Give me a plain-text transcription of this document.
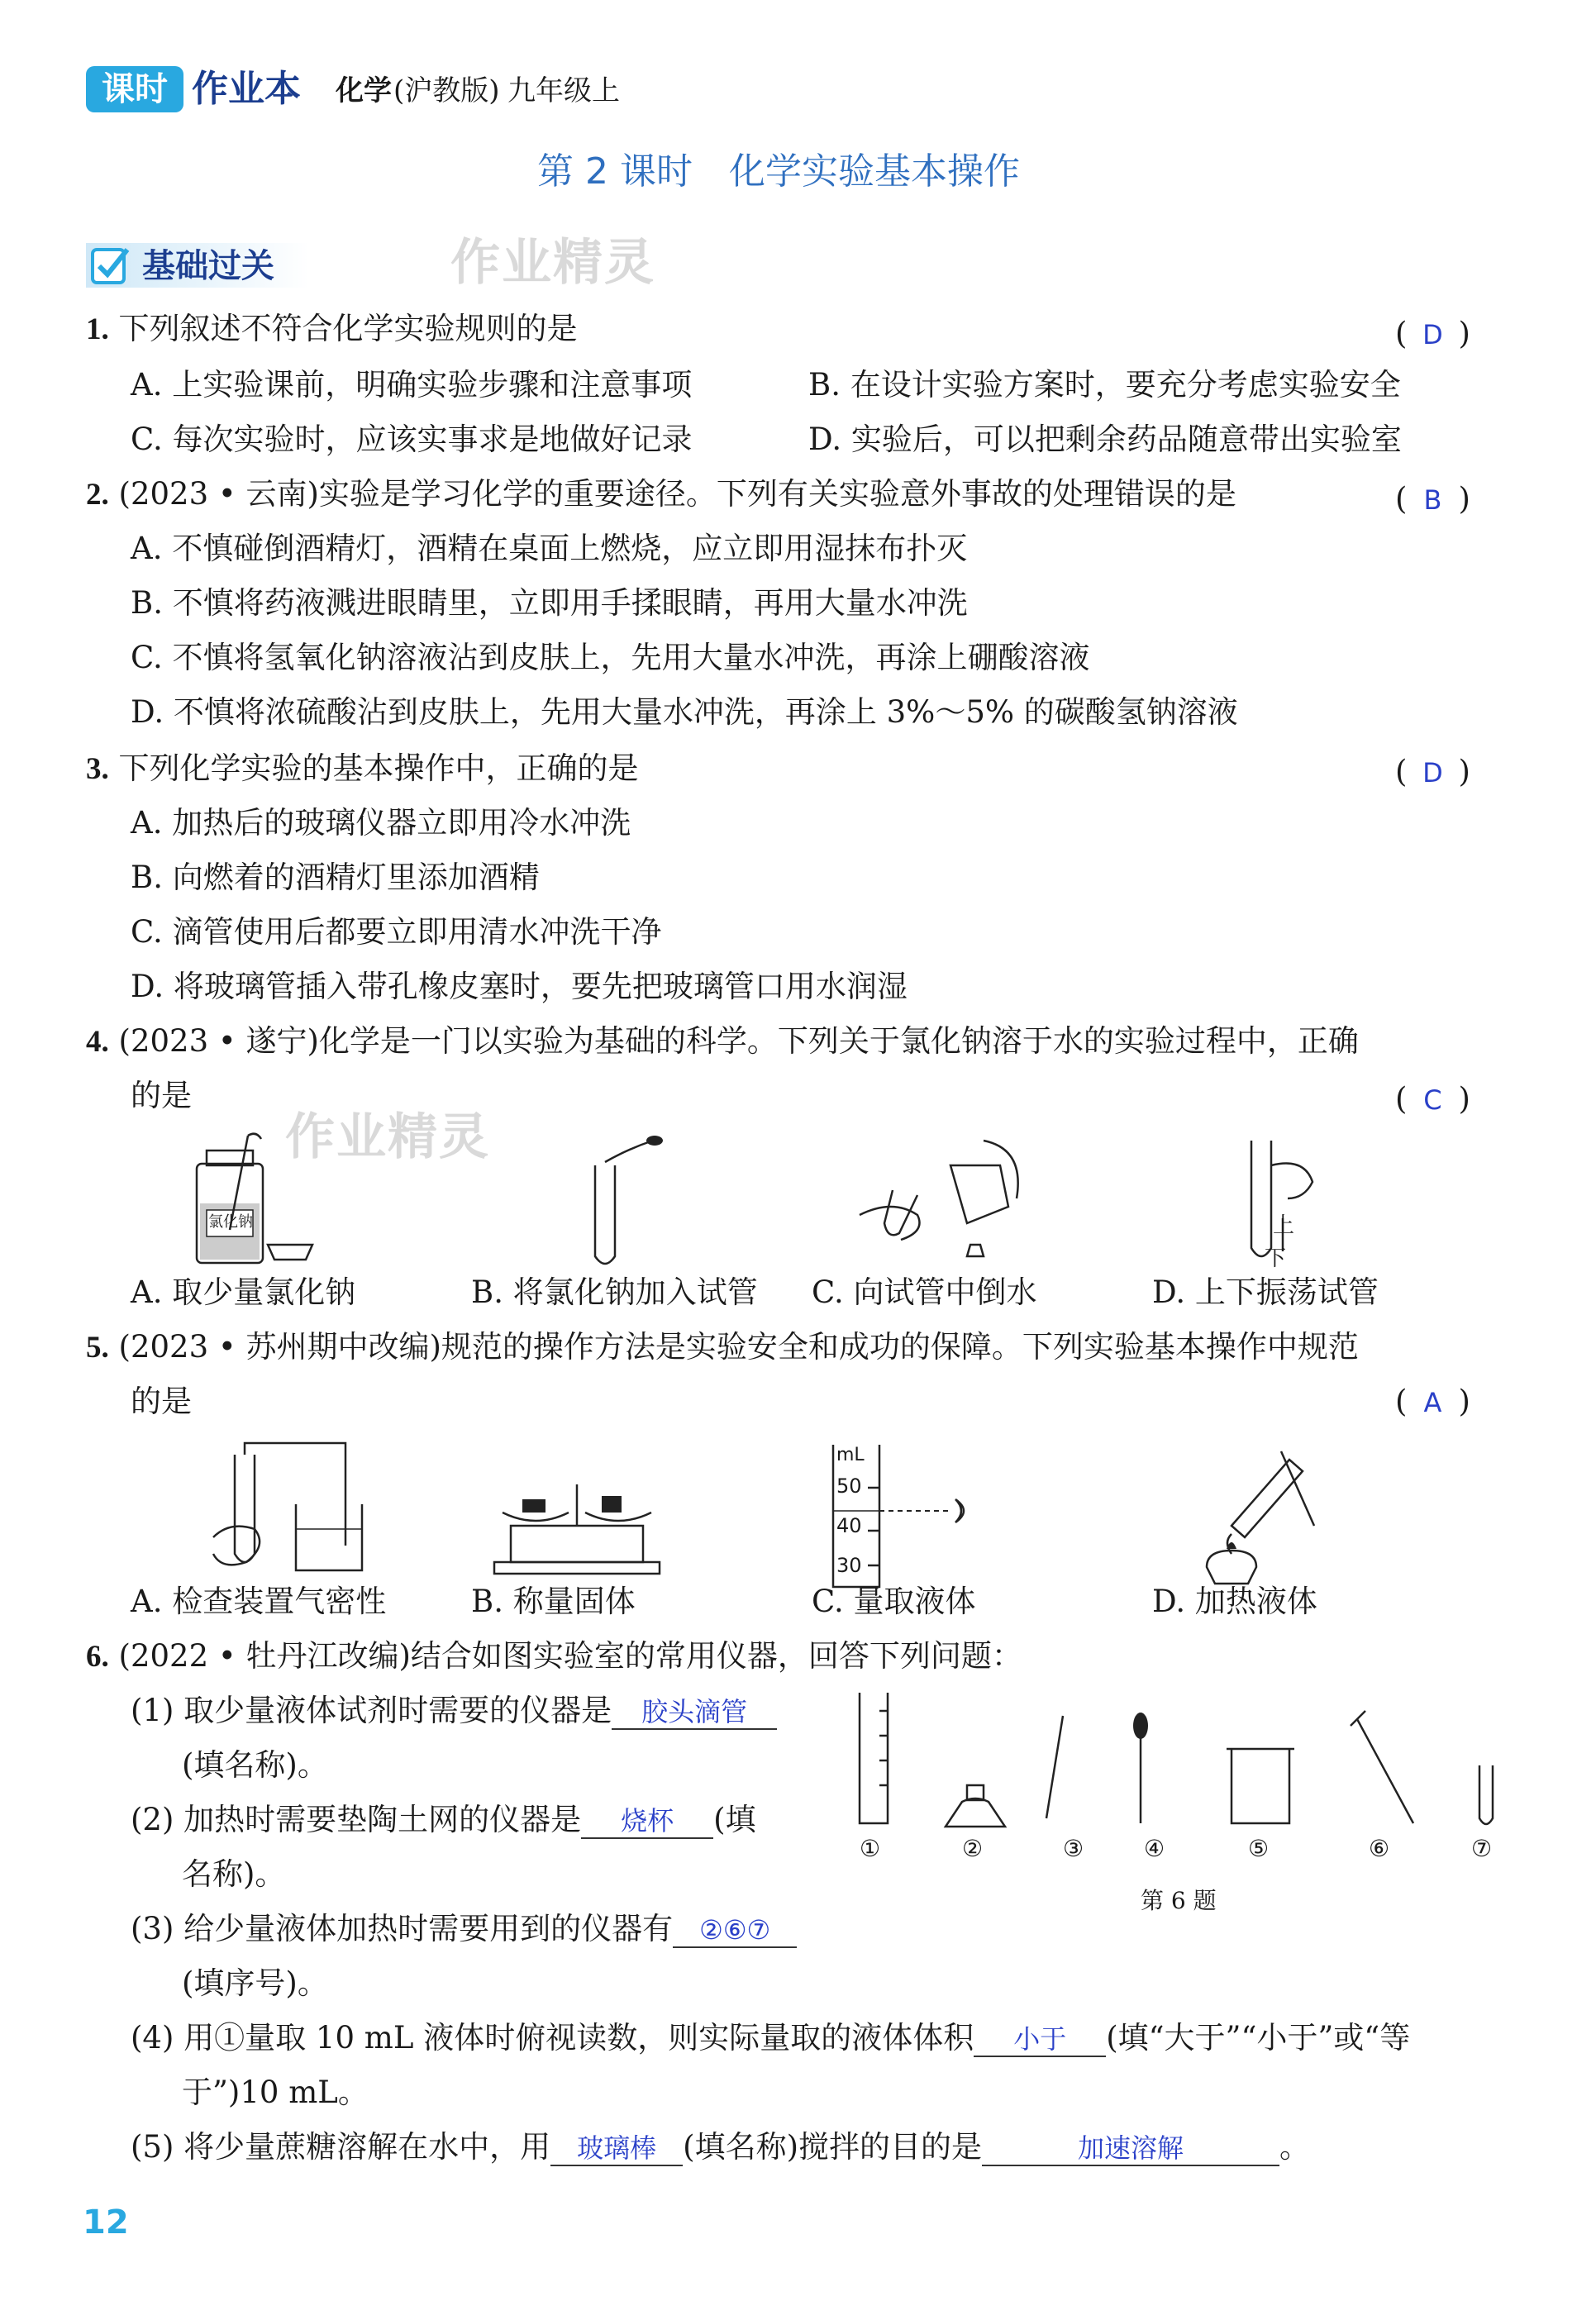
课时 作业本 化学 (沪教版) 九年级上
第 2 课时　化学实验基本操作
基础过关	作业精灵
作业精灵
1. 下列叙述不符合化学实验规则的是	( D )
A. 上实验课前，明确实验步骤和注意事项	B. 在设计实验方案时，要充分考虑实验安全
C. 每次实验时，应该实事求是地做好记录	D. 实验后，可以把剩余药品随意带出实验室
2. (2023 • 云南)实验是学习化学的重要途径。下列有关实验意外事故的处理错误的是	( B )
A. 不慎碰倒酒精灯，酒精在桌面上燃烧，应立即用湿抹布扑灭
B. 不慎将药液溅进眼睛里，立即用手揉眼睛，再用大量水冲洗
C. 不慎将氢氧化钠溶液沾到皮肤上，先用大量水冲洗，再涂上硼酸溶液
D. 不慎将浓硫酸沾到皮肤上，先用大量水冲洗，再涂上 3%～5% 的碳酸氢钠溶液
3. 下列化学实验的基本操作中，正确的是	( D )
A. 加热后的玻璃仪器立即用冷水冲洗
B. 向燃着的酒精灯里添加酒精
C. 滴管使用后都要立即用清水冲洗干净
D. 将玻璃管插入带孔橡皮塞时，要先把玻璃管口用水润湿
4. (2023 • 遂宁)化学是一门以实验为基础的科学。下列关于氯化钠溶于水的实验过程中，正确
的是	( C )
氯化钠	上
下
A. 取少量氯化钠	B. 将氯化钠加入试管 C. 向试管中倒水	D. 上下振荡试管
5. (2023 • 苏州期中改编)规范的操作方法是实验安全和成功的保障。下列实验基本操作中规范
的是	( A )
mL
50
40
30
A. 检查装置气密性	B. 称量固体	C. 量取液体	D. 加热液体
6. (2022 • 牡丹江改编)结合如图实验室的常用仪器，回答下列问题：
(1) 取少量液体试剂时需要的仪器是 胶头滴管
(填名称)。
(2) 加热时需要垫陶土网的仪器是 烧杯 (填
名称)。
(3) 给少量液体加热时需要用到的仪器有 ②⑥⑦
(填序号)。
(4) 用①量取 10 mL 液体时俯视读数，则实际量取的液体体积 小于 (填“大于”“小于”或“等
于”)10 mL。
(5) 将少量蔗糖溶解在水中，用 玻璃棒 (填名称)搅拌的目的是	加速溶解	。
①	②	③	④	⑤	⑥	⑦
第 6 题
12
